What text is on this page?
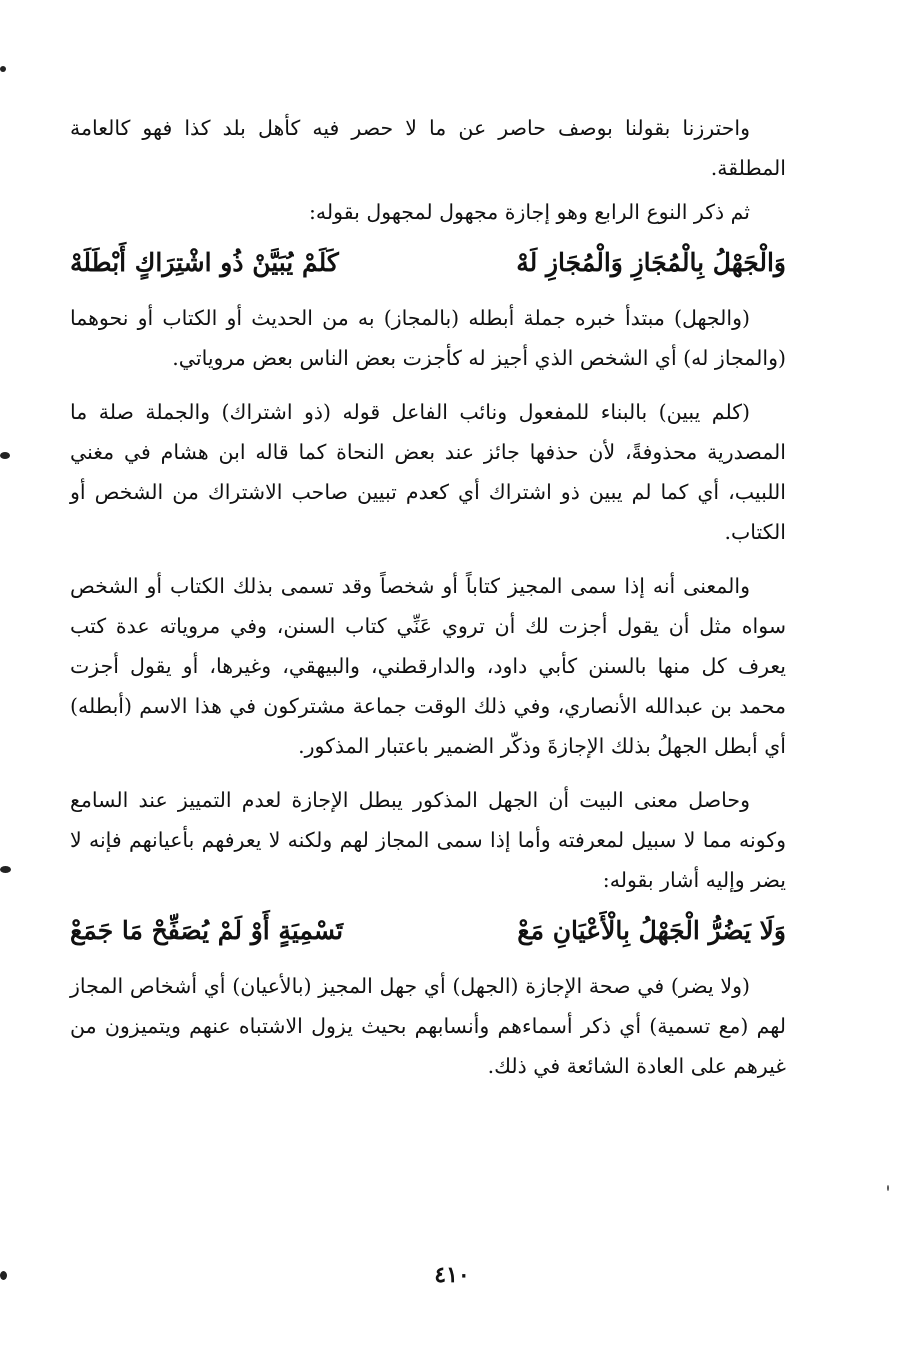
واحترزنا بقولنا بوصف حاصر عن ما لا حصر فيه كأهل بلد كذا فهو كالعامة المطلقة.

ثم ذكر النوع الرابع وهو إجازة مجهول لمجهول بقوله:

وَالْجَهْلُ بِالْمُجَازِ وَالْمُجَازِ لَهْ
كَلَمْ يُبَيَّنْ ذُو اشْتِرَاكٍ أَبْطَلَهْ

(والجهل) مبتدأ خبره جملة أبطله (بالمجاز) به من الحديث أو الكتاب أو نحوهما (والمجاز له) أي الشخص الذي أجيز له كأجزت بعض الناس بعض مروياتي.

(كلم يبين) بالبناء للمفعول ونائب الفاعل قوله (ذو اشتراك) والجملة صلة ما المصدرية محذوفةً، لأن حذفها جائز عند بعض النحاة كما قاله ابن هشام في مغني اللبيب، أي كما لم يبين ذو اشتراك أي كعدم تبيين صاحب الاشتراك من الشخص أو الكتاب.

والمعنى أنه إذا سمى المجيز كتاباً أو شخصاً وقد تسمى بذلك الكتاب أو الشخص سواه مثل أن يقول أجزت لك أن تروي عَنِّي كتاب السنن، وفي مروياته عدة كتب يعرف كل منها بالسنن كأبي داود، والدارقطني، والبيهقي، وغيرها، أو يقول أجزت محمد بن عبدالله الأنصاري، وفي ذلك الوقت جماعة مشتركون في هذا الاسم (أبطله) أي أبطل الجهلُ بذلك الإجازةَ وذكّر الضمير باعتبار المذكور.

وحاصل معنى البيت أن الجهل المذكور يبطل الإجازة لعدم التمييز عند السامع وكونه مما لا سبيل لمعرفته وأما إذا سمى المجاز لهم ولكنه لا يعرفهم بأعيانهم فإنه لا يضر وإليه أشار بقوله:

وَلَا يَضُرُّ الْجَهْلُ بِالْأَعْيَانِ مَعْ
تَسْمِيَةٍ أَوْ لَمْ يُصَفِّحْ مَا جَمَعْ

(ولا يضر) في صحة الإجازة (الجهل) أي جهل المجيز (بالأعيان) أي أشخاص المجاز لهم (مع تسمية) أي ذكر أسماءهم وأنسابهم بحيث يزول الاشتباه عنهم ويتميزون من غيرهم على العادة الشائعة في ذلك.

٤١٠
